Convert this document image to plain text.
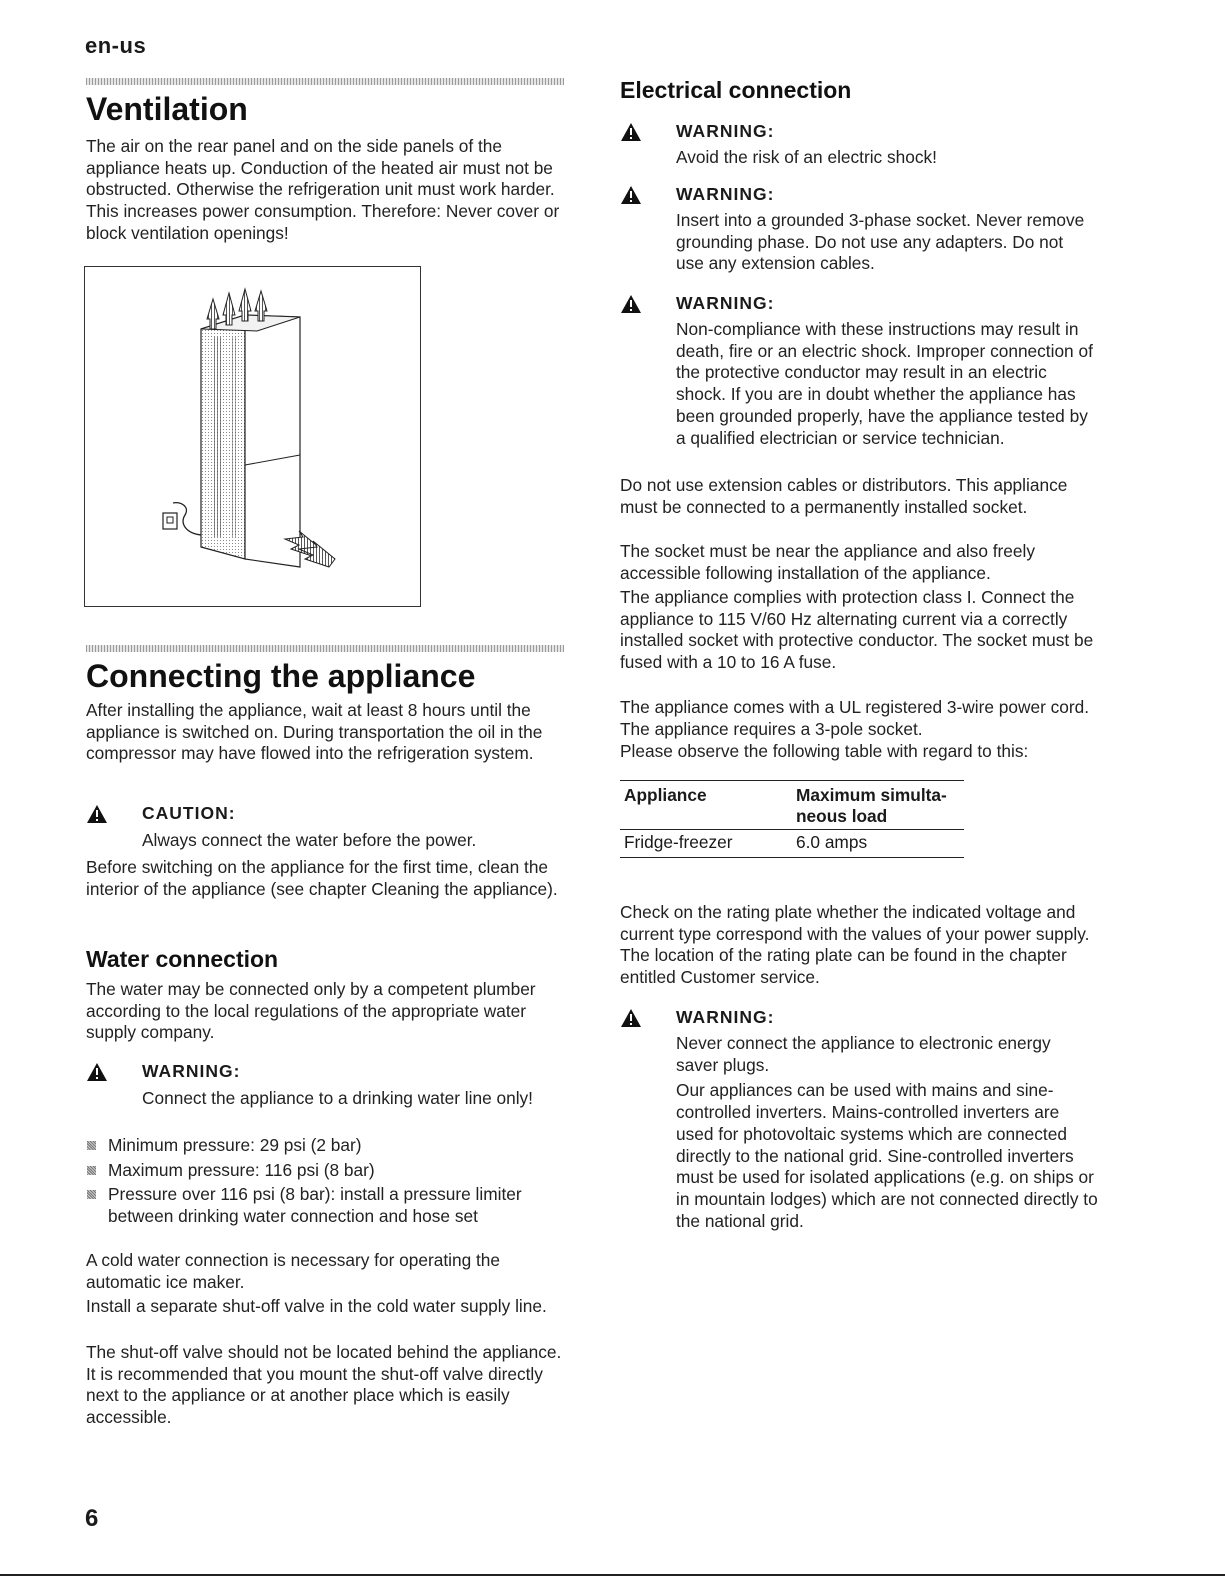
en-us
Ventilation

The air on the rear panel and on the side panels of the appliance heats up. Conduction of the heated air must not be obstructed. Otherwise the refrigeration unit must work harder. This increases power consumption. Therefore: Never cover or block ventilation openings!

Connecting the appliance

After installing the appliance, wait at least 8 hours until the appliance is switched on. During transportation the oil in the compressor may have flowed into the refrigeration system.

CAUTION:

Always connect the water before the power.

Before switching on the appliance for the first time, clean the interior of the appliance (see chapter Cleaning the appliance).

Water connection

The water may be connected only by a competent plumber according to the local regulations of the appropriate water supply company.

WARNING:

Connect the appliance to a drinking water line only!

Minimum pressure: 29 psi (2 bar)
Maximum pressure: 116 psi (8 bar)
Pressure over 116 psi (8 bar): install a pressure limiter between drinking water connection and hose set

A cold water connection is necessary for operating the automatic ice maker.

Install a separate shut-off valve in the cold water supply line.

The shut-off valve should not be located behind the appliance. It is recommended that you mount the shut-off valve directly next to the appliance or at another place which is easily accessible.

Electrical connection
WARNING:

Avoid the risk of an electric shock!

WARNING:

Insert into a grounded 3-phase socket. Never remove grounding phase. Do not use any adapters. Do not use any extension cables.

WARNING:

Non-compliance with these instructions may result in death, fire or an electric shock. Improper connection of the protective conductor may result in an electric shock. If you are in doubt whether the appliance has been grounded properly, have the appliance tested by a qualified electrician or service technician.

Do not use extension cables or distributors. This appliance must be connected to a permanently installed socket.

The socket must be near the appliance and also freely accessible following installation of the appliance.

The appliance complies with protection class I. Connect the appliance to 115 V/60 Hz alternating current via a correctly installed socket with protective conductor. The socket must be fused with a 10 to 16 A fuse.

The appliance comes with a UL registered 3-wire power cord. The appliance requires a 3-pole socket.

Please observe the following table with regard to this:

Appliance	Maximum simulta-neous load
Fridge-freezer	6.0 amps

Check on the rating plate whether the indicated voltage and current type correspond with the values of your power supply. The location of the rating plate can be found in the chapter entitled Customer service.

WARNING:

Never connect the appliance to electronic energy saver plugs.

Our appliances can be used with mains and sine-controlled inverters. Mains-controlled inverters are used for photovoltaic systems which are connected directly to the national grid. Sine-controlled inverters must be used for isolated applications (e.g. on ships or in mountain lodges) which are not connected directly to the national grid.

6
